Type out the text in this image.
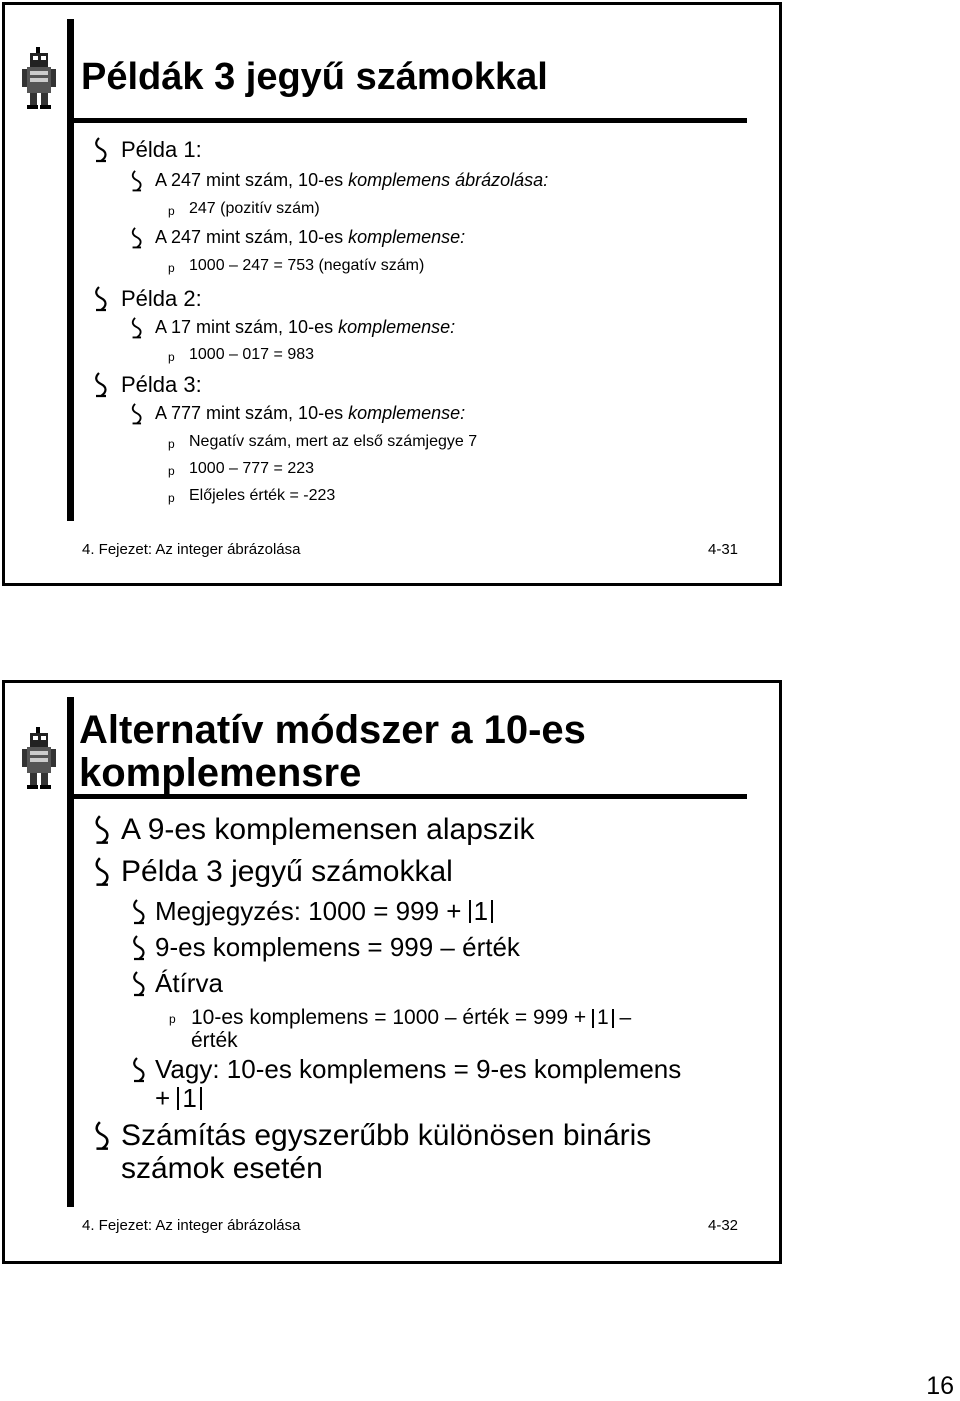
Példák 3 jegyű számokkal
Példa 1:
A 247 mint szám, 10-es komplemens ábrázolása:
p 247 (pozitív szám)
A 247 mint szám, 10-es komplemense:
p 1000 – 247 = 753 (negatív szám)
Példa 2:
A 17 mint szám, 10-es komplemense:
p 1000 – 017 = 983
Példa 3:
A 777 mint szám, 10-es komplemense:
p Negatív szám, mert az első számjegye 7
p 1000 – 777 = 223
p Előjeles érték = -223
4. Fejezet: Az integer ábrázolása	4-31
Alternatív módszer a 10-es
komplemensre
A 9-es komplemensen alapszik
Példa 3 jegyű számokkal
Megjegyzés: 1000 = 999 + 1
9-es komplemens = 999 – érték
Átírva
p 10-es komplemens = 1000 – érték = 999 + 1 –
érték
Vagy: 10-es komplemens = 9-es komplemens
+ 1
Számítás egyszerűbb különösen bináris
számok esetén
4. Fejezet: Az integer ábrázolása	4-32
16
